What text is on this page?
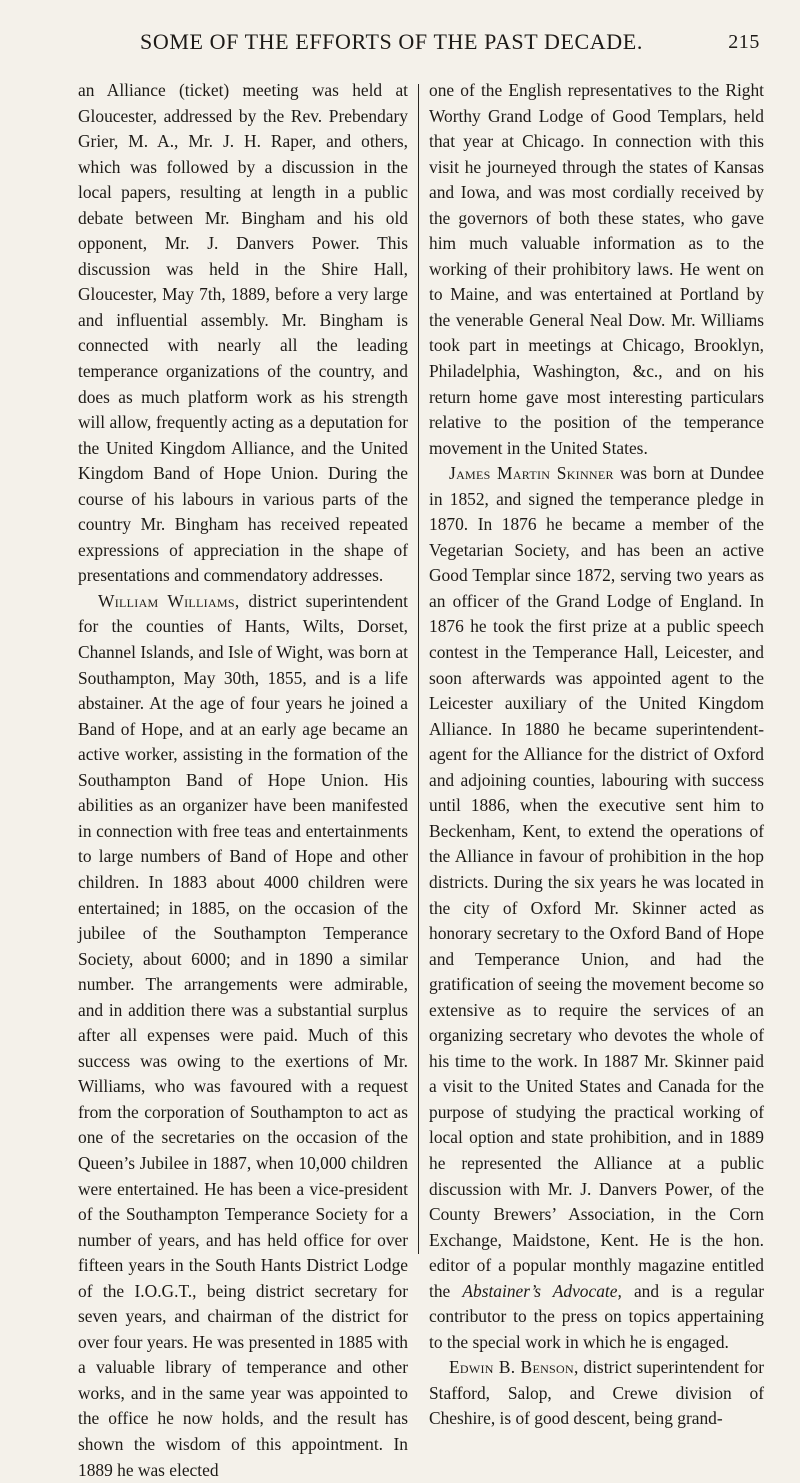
SOME OF THE EFFORTS OF THE PAST DECADE.	215

an Alliance (ticket) meeting was held at Gloucester, addressed by the Rev. Prebendary Grier, M. A., Mr. J. H. Raper, and others, which was followed by a discussion in the local papers, resulting at length in a public debate between Mr. Bingham and his old opponent, Mr. J. Danvers Power. This discussion was held in the Shire Hall, Gloucester, May 7th, 1889, before a very large and influential assembly. Mr. Bingham is connected with nearly all the leading temperance organizations of the country, and does as much platform work as his strength will allow, frequently acting as a deputation for the United Kingdom Alliance, and the United Kingdom Band of Hope Union. During the course of his labours in various parts of the country Mr. Bingham has received repeated expressions of appreciation in the shape of presentations and commendatory addresses.

William Williams, district superintendent for the counties of Hants, Wilts, Dorset, Channel Islands, and Isle of Wight, was born at Southampton, May 30th, 1855, and is a life abstainer. At the age of four years he joined a Band of Hope, and at an early age became an active worker, assisting in the formation of the Southampton Band of Hope Union. His abilities as an organizer have been manifested in connection with free teas and entertainments to large numbers of Band of Hope and other children. In 1883 about 4000 children were entertained; in 1885, on the occasion of the jubilee of the Southampton Temperance Society, about 6000; and in 1890 a similar number. The arrangements were admirable, and in addition there was a substantial surplus after all expenses were paid. Much of this success was owing to the exertions of Mr. Williams, who was favoured with a request from the corporation of Southampton to act as one of the secretaries on the occasion of the Queen’s Jubilee in 1887, when 10,000 children were entertained. He has been a vice-president of the Southampton Temperance Society for a number of years, and has held office for over fifteen years in the South Hants District Lodge of the I.O.G.T., being district secretary for seven years, and chairman of the district for over four years. He was presented in 1885 with a valuable library of temperance and other works, and in the same year was appointed to the office he now holds, and the result has shown the wisdom of this appointment. In 1889 he was elected

one of the English representatives to the Right Worthy Grand Lodge of Good Templars, held that year at Chicago. In connection with this visit he journeyed through the states of Kansas and Iowa, and was most cordially received by the governors of both these states, who gave him much valuable information as to the working of their prohibitory laws. He went on to Maine, and was entertained at Portland by the venerable General Neal Dow. Mr. Williams took part in meetings at Chicago, Brooklyn, Philadelphia, Washington, &c., and on his return home gave most interesting particulars relative to the position of the temperance movement in the United States.

James Martin Skinner was born at Dundee in 1852, and signed the temperance pledge in 1870. In 1876 he became a member of the Vegetarian Society, and has been an active Good Templar since 1872, serving two years as an officer of the Grand Lodge of England. In 1876 he took the first prize at a public speech contest in the Temperance Hall, Leicester, and soon afterwards was appointed agent to the Leicester auxiliary of the United Kingdom Alliance. In 1880 he became superintendent-agent for the Alliance for the district of Oxford and adjoining counties, labouring with success until 1886, when the executive sent him to Beckenham, Kent, to extend the operations of the Alliance in favour of prohibition in the hop districts. During the six years he was located in the city of Oxford Mr. Skinner acted as honorary secretary to the Oxford Band of Hope and Temperance Union, and had the gratification of seeing the movement become so extensive as to require the services of an organizing secretary who devotes the whole of his time to the work. In 1887 Mr. Skinner paid a visit to the United States and Canada for the purpose of studying the practical working of local option and state prohibition, and in 1889 he represented the Alliance at a public discussion with Mr. J. Danvers Power, of the County Brewers’ Association, in the Corn Exchange, Maidstone, Kent. He is the hon. editor of a popular monthly magazine entitled the Abstainer’s Advocate, and is a regular contributor to the press on topics appertaining to the special work in which he is engaged.

Edwin B. Benson, district superintendent for Stafford, Salop, and Crewe division of Cheshire, is of good descent, being grand-
